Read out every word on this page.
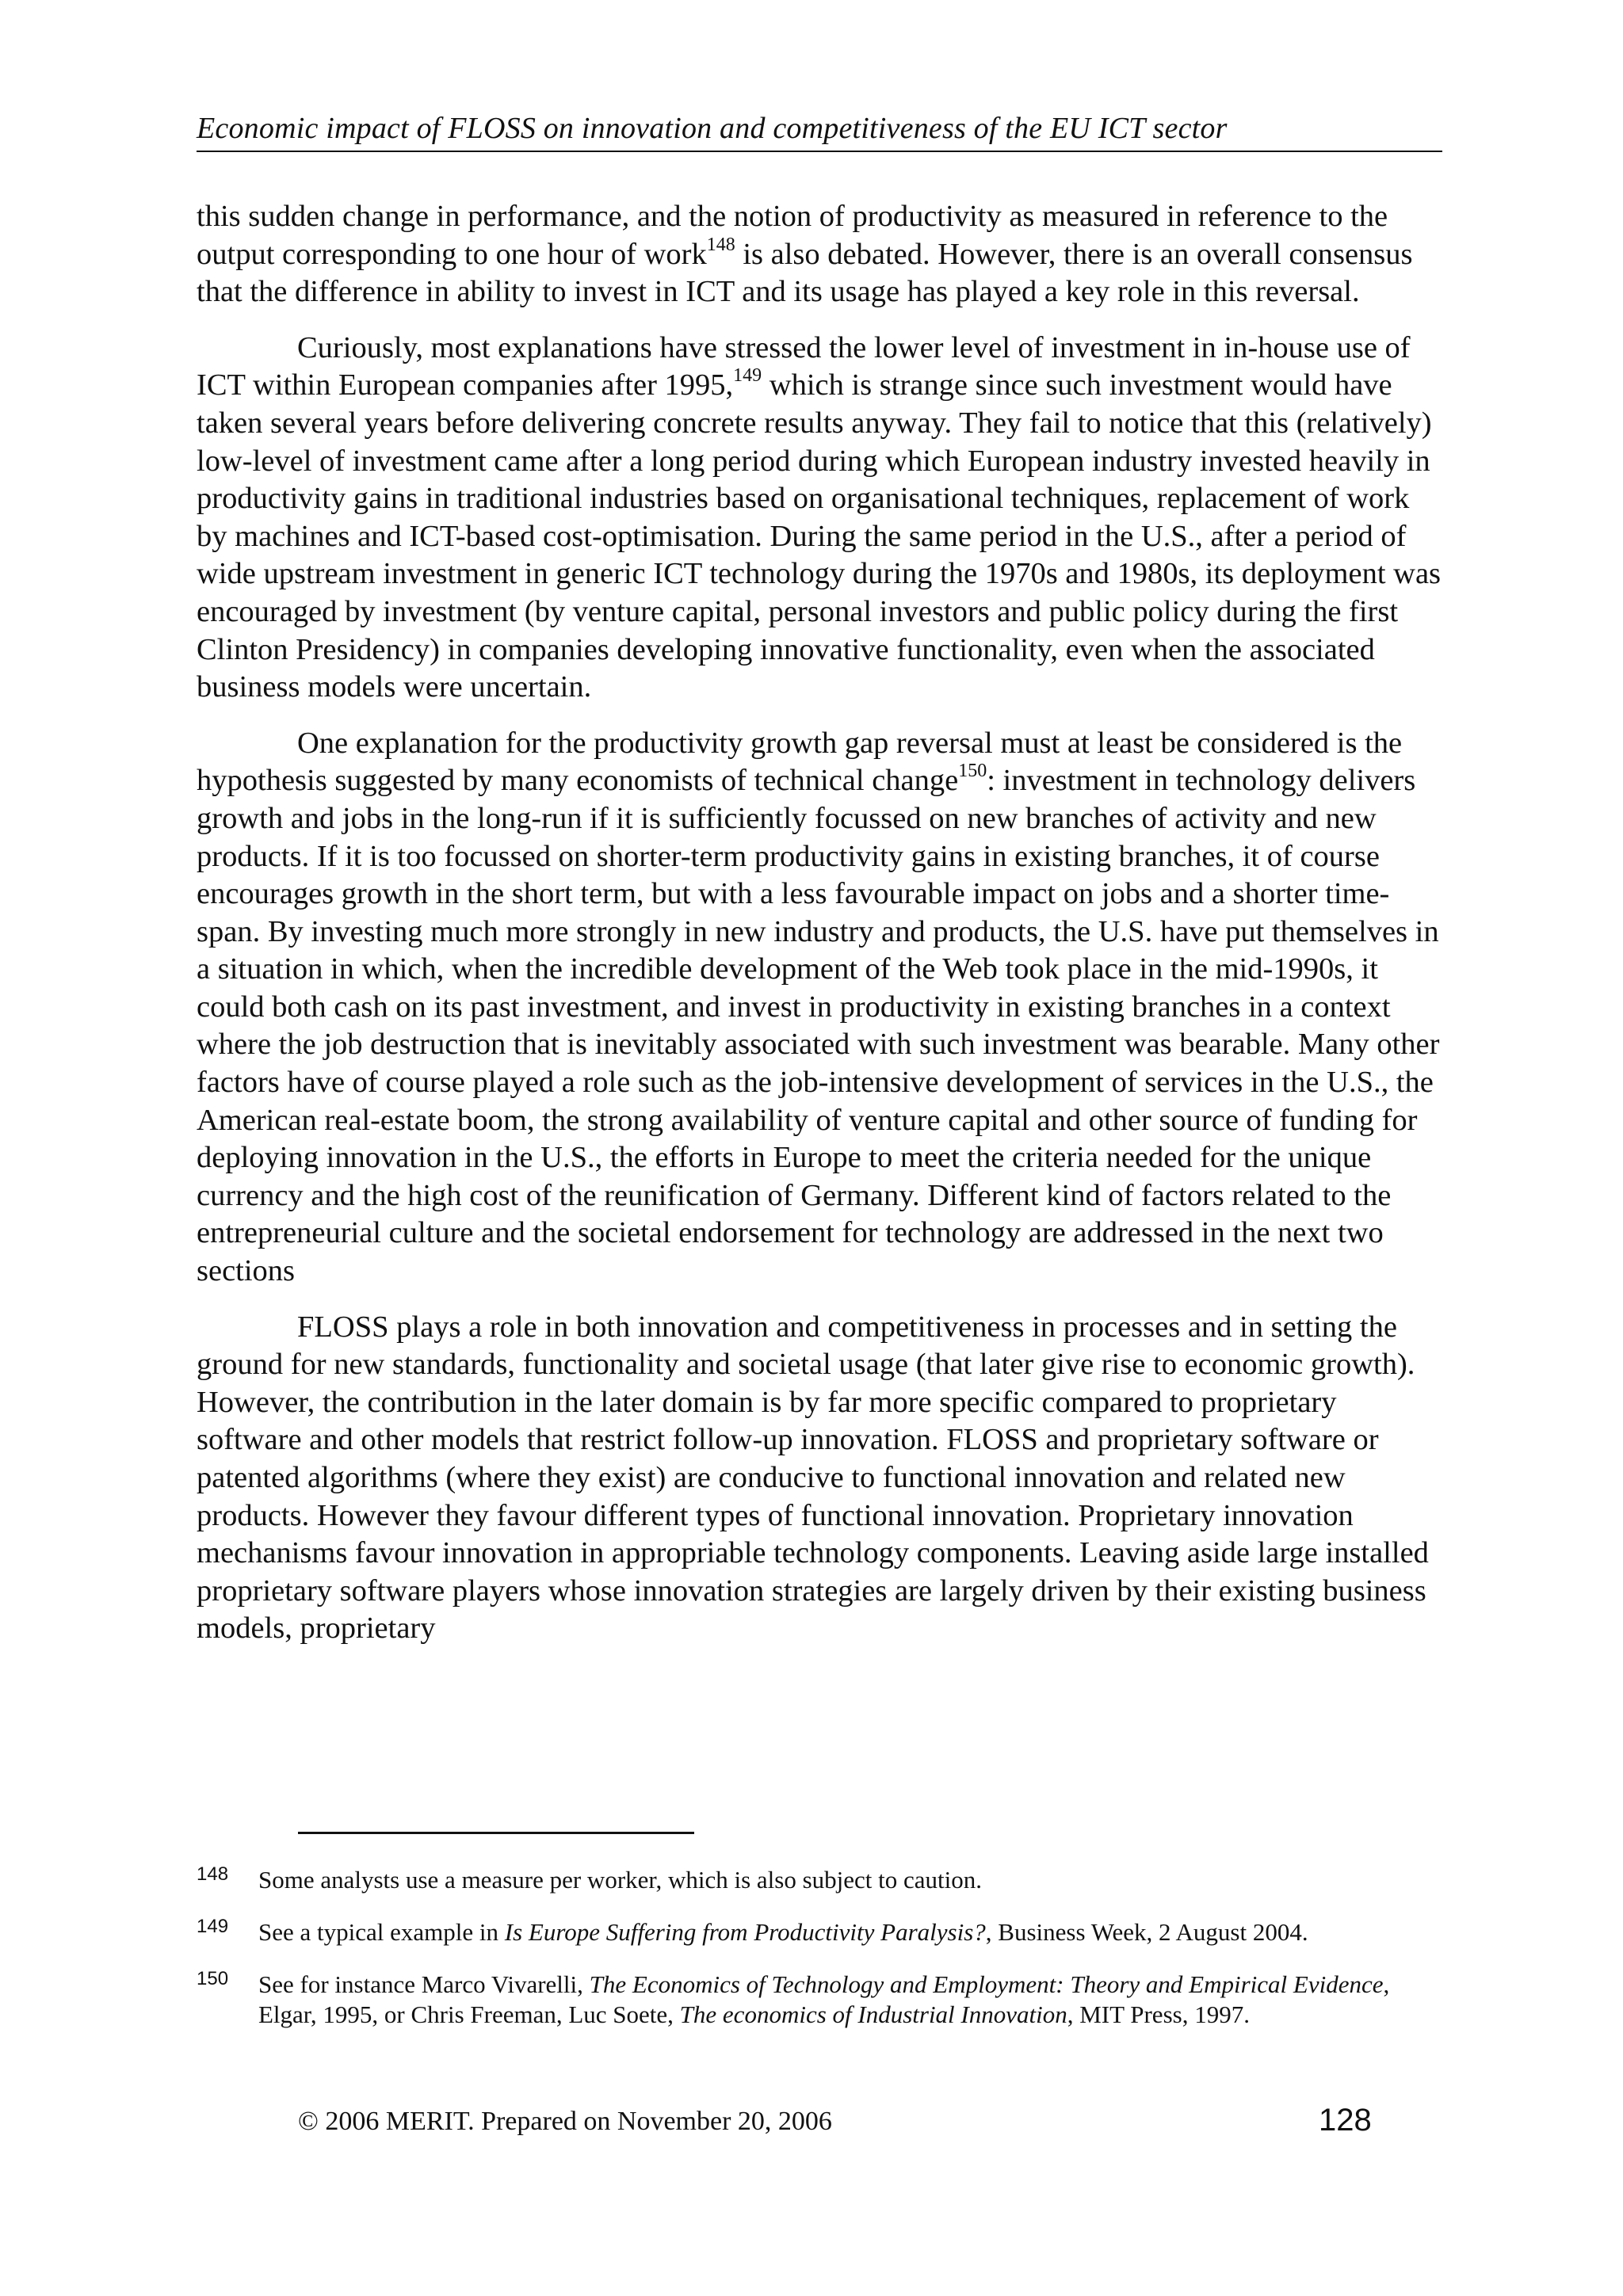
Economic impact of FLOSS on innovation and competitiveness of the EU ICT sector

this sudden change in performance, and the notion of productivity as measured in reference to the output corresponding to one hour of work$^{148}$ is also debated. However, there is an overall consensus that the difference in ability to invest in ICT and its usage has played a key role in this reversal.

Curiously, most explanations have stressed the lower level of investment in in-house use of ICT within European companies after 1995,$^{149}$ which is strange since such investment would have taken several years before delivering concrete results anyway. They fail to notice that this (relatively) low-level of investment came after a long period during which European industry invested heavily in productivity gains in traditional industries based on organisational techniques, replacement of work by machines and ICT-based cost-optimisation. During the same period in the U.S., after a period of wide upstream investment in generic ICT technology during the 1970s and 1980s, its deployment was encouraged by investment (by venture capital, personal investors and public policy during the first Clinton Presidency) in companies developing innovative functionality, even when the associated business models were uncertain.

One explanation for the productivity growth gap reversal must at least be considered is the hypothesis suggested by many economists of technical change$^{150}$: investment in technology delivers growth and jobs in the long-run if it is sufficiently focussed on new branches of activity and new products. If it is too focussed on shorter-term productivity gains in existing branches, it of course encourages growth in the short term, but with a less favourable impact on jobs and a shorter time-span. By investing much more strongly in new industry and products, the U.S. have put themselves in a situation in which, when the incredible development of the Web took place in the mid-1990s, it could both cash on its past investment, and invest in productivity in existing branches in a context where the job destruction that is inevitably associated with such investment was bearable. Many other factors have of course played a role such as the job-intensive development of services in the U.S., the American real-estate boom, the strong availability of venture capital and other source of funding for deploying innovation in the U.S., the efforts in Europe to meet the criteria needed for the unique currency and the high cost of the reunification of Germany. Different kind of factors related to the entrepreneurial culture and the societal endorsement for technology are addressed in the next two sections

FLOSS plays a role in both innovation and competitiveness in processes and in setting the ground for new standards, functionality and societal usage (that later give rise to economic growth). However, the contribution in the later domain is by far more specific compared to proprietary software and other models that restrict follow-up innovation. FLOSS and proprietary software or patented algorithms (where they exist) are conducive to functional innovation and related new products. However they favour different types of functional innovation. Proprietary innovation mechanisms favour innovation in appropriable technology components. Leaving aside large installed proprietary software players whose innovation strategies are largely driven by their existing business models, proprietary

148	Some analysts use a measure per worker, which is also subject to caution.
149	See a typical example in Is Europe Suffering from Productivity Paralysis?, Business Week, 2 August 2004.
150	See for instance Marco Vivarelli, The Economics of Technology and Employment: Theory and Empirical Evidence, Elgar, 1995, or Chris Freeman, Luc Soete, The economics of Industrial Innovation, MIT Press, 1997.
© 2006 MERIT. Prepared on November 20, 2006	128
